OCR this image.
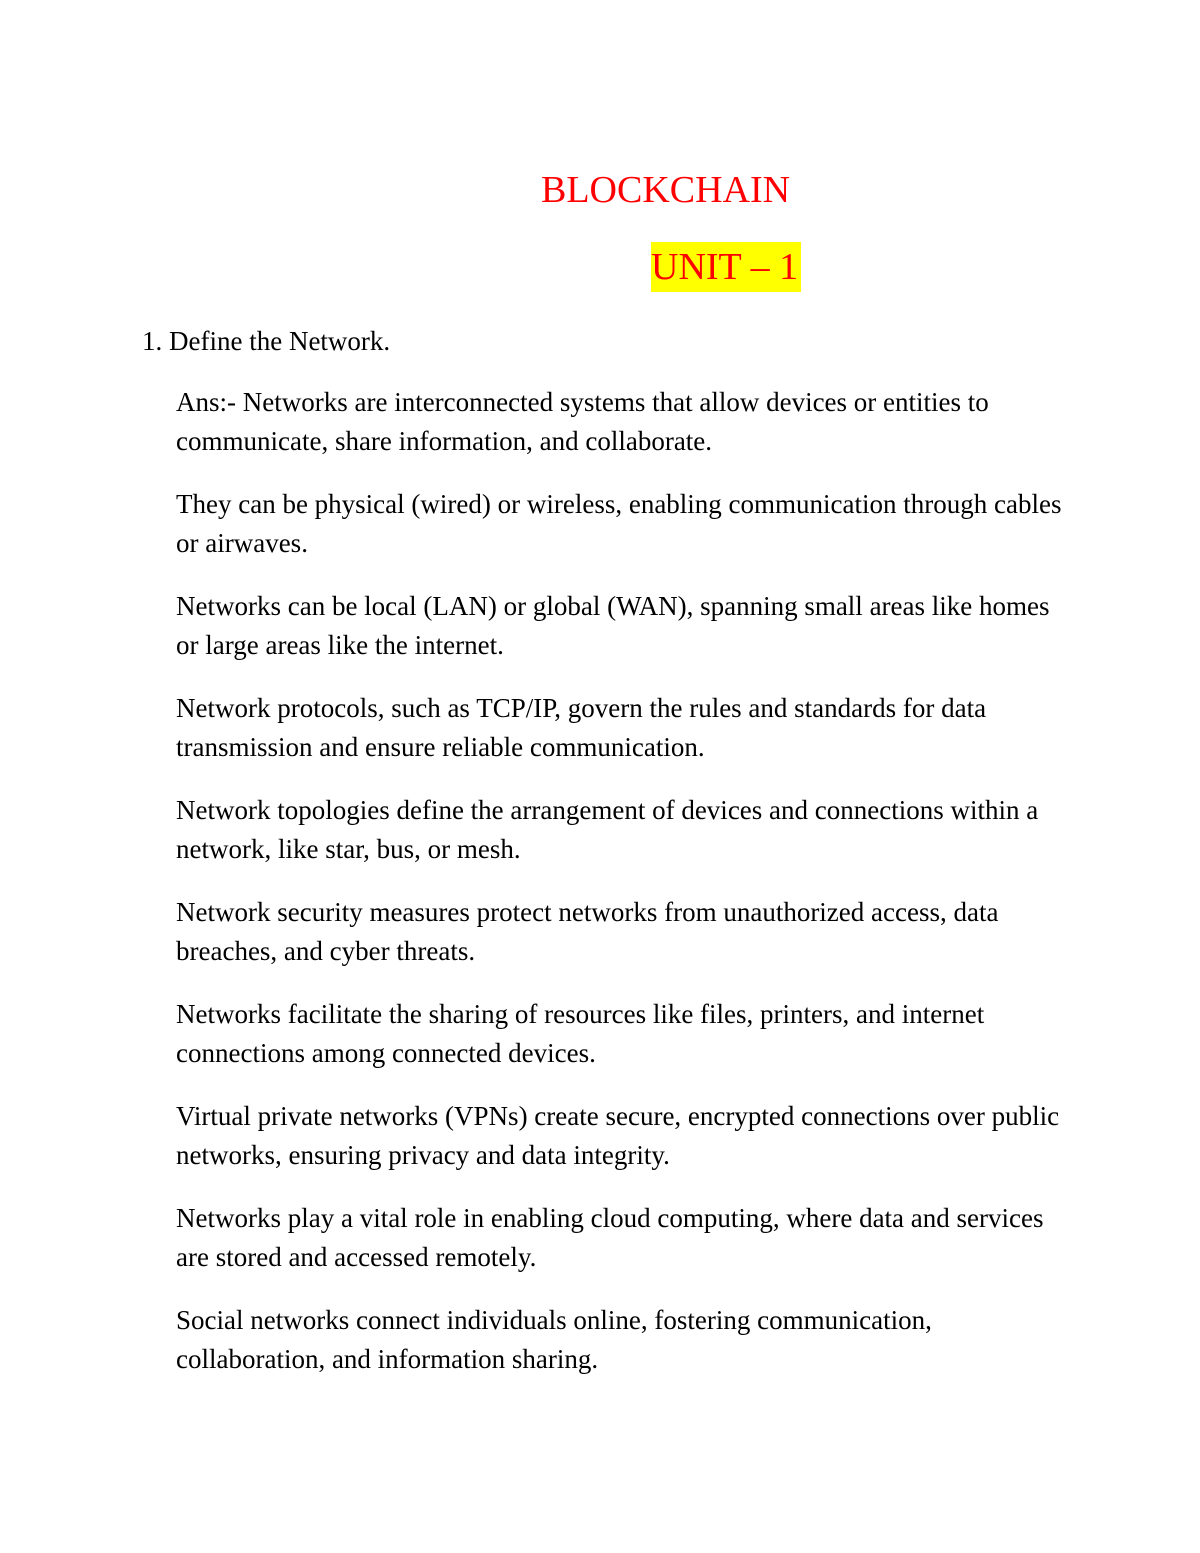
BLOCKCHAIN
UNIT – 1

1. Define the Network.

Ans:- Networks are interconnected systems that allow devices or entities to communicate, share information, and collaborate.
They can be physical (wired) or wireless, enabling communication through cables or airwaves.
Networks can be local (LAN) or global (WAN), spanning small areas like homes or large areas like the internet.
Network protocols, such as TCP/IP, govern the rules and standards for data transmission and ensure reliable communication.
Network topologies define the arrangement of devices and connections within a network, like star, bus, or mesh.
Network security measures protect networks from unauthorized access, data breaches, and cyber threats.
Networks facilitate the sharing of resources like files, printers, and internet connections among connected devices.
Virtual private networks (VPNs) create secure, encrypted connections over public networks, ensuring privacy and data integrity.
Networks play a vital role in enabling cloud computing, where data and services are stored and accessed remotely.
Social networks connect individuals online, fostering communication, collaboration, and information sharing.
